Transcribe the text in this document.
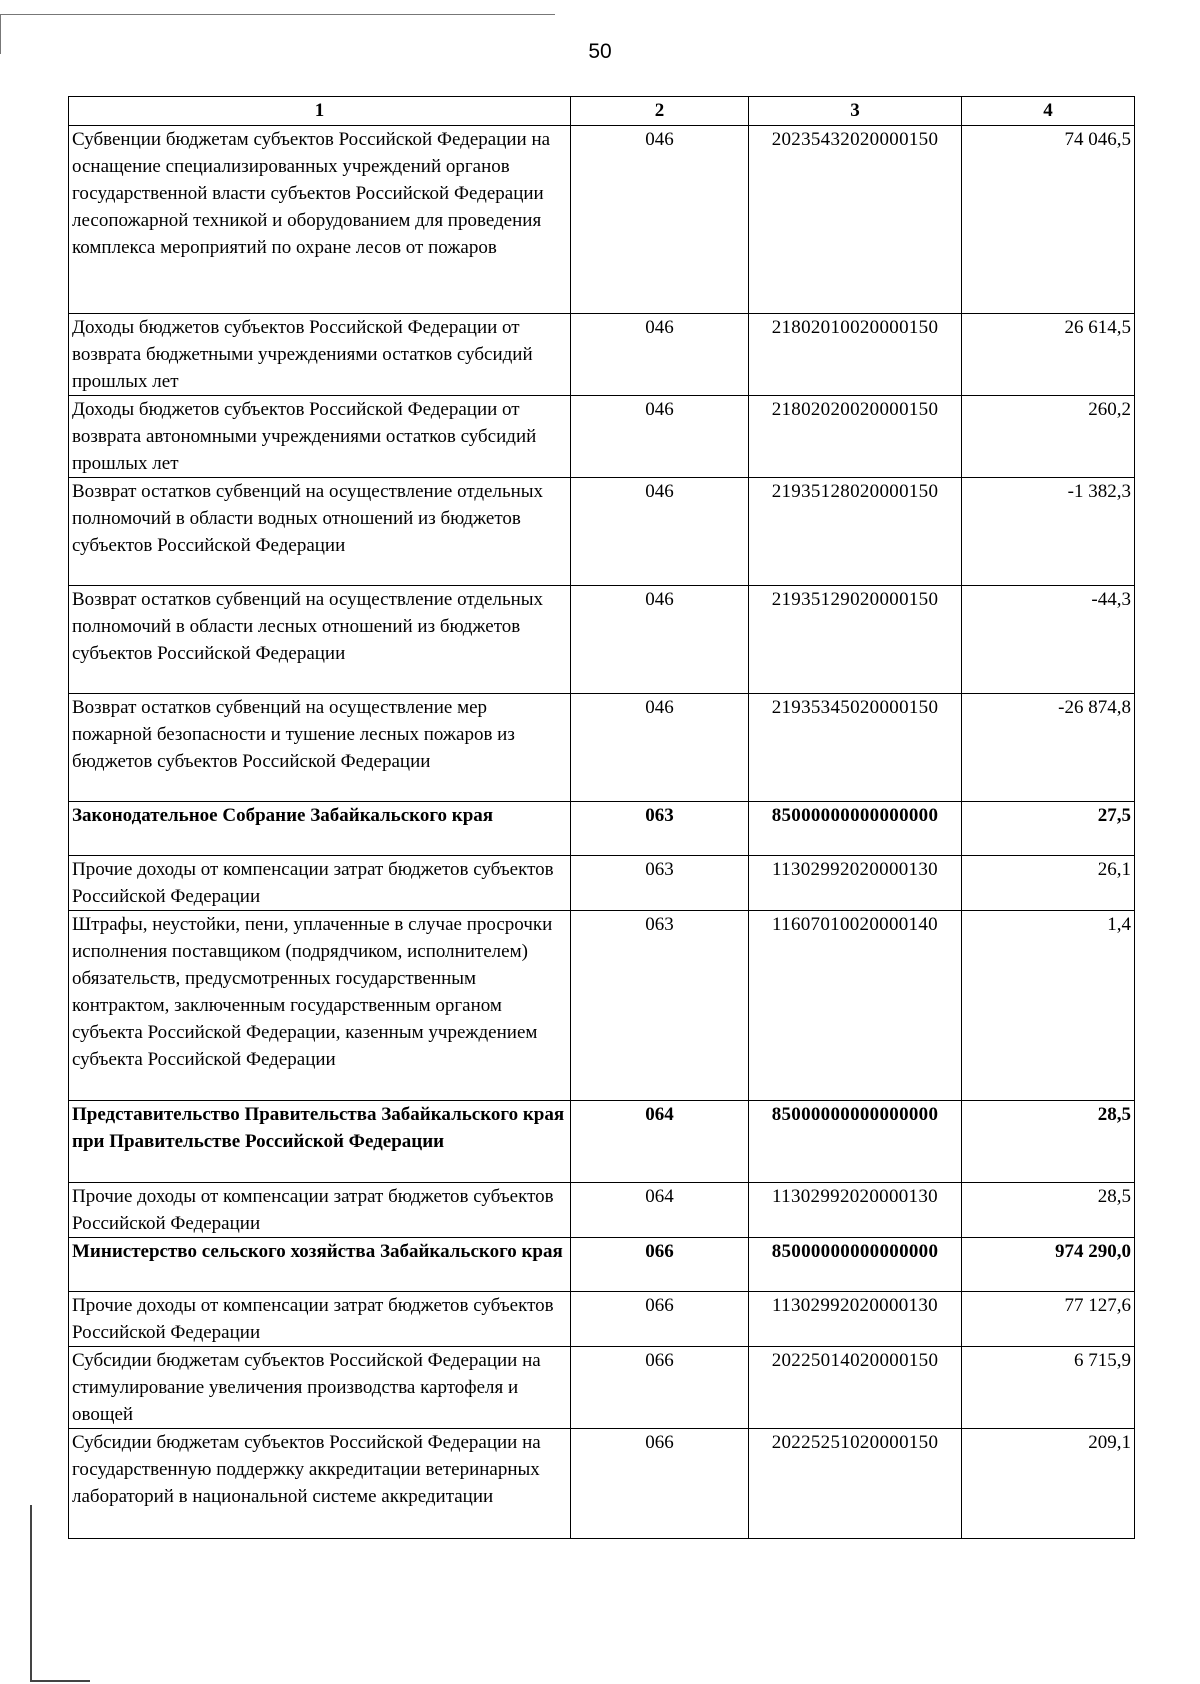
50
1	2	3	4
Субвенции бюджетам субъектов Российской Федерации на оснащение специализированных учреждений органов государственной власти субъектов Российской Федерации лесопожарной техникой и оборудованием для проведения комплекса мероприятий по охране лесов от пожаров	046	20235432020000150	74 046,5
Доходы бюджетов субъектов Российской Федерации от возврата бюджетными учреждениями остатков субсидий прошлых лет	046	21802010020000150	26 614,5
Доходы бюджетов субъектов Российской Федерации от возврата автономными учреждениями остатков субсидий прошлых лет	046	21802020020000150	260,2
Возврат остатков субвенций на осуществление отдельных полномочий в области водных отношений из бюджетов субъектов Российской Федерации	046	21935128020000150	-1 382,3
Возврат остатков субвенций на осуществление отдельных полномочий в области лесных отношений из бюджетов субъектов Российской Федерации	046	21935129020000150	-44,3
Возврат остатков субвенций на осуществление мер пожарной безопасности и тушение лесных пожаров из бюджетов субъектов Российской Федерации	046	21935345020000150	-26 874,8
Законодательное Собрание Забайкальского края	063	85000000000000000	27,5
Прочие доходы от компенсации затрат бюджетов субъектов Российской Федерации	063	11302992020000130	26,1
Штрафы, неустойки, пени, уплаченные в случае просрочки исполнения поставщиком (подрядчиком, исполнителем) обязательств, предусмотренных государственным контрактом, заключенным государственным органом субъекта Российской Федерации, казенным учреждением субъекта Российской Федерации	063	11607010020000140	1,4
Представительство Правительства Забайкальского края при Правительстве Российской Федерации	064	85000000000000000	28,5
Прочие доходы от компенсации затрат бюджетов субъектов Российской Федерации	064	11302992020000130	28,5
Министерство сельского хозяйства Забайкальского края	066	85000000000000000	974 290,0
Прочие доходы от компенсации затрат бюджетов субъектов Российской Федерации	066	11302992020000130	77 127,6
Субсидии бюджетам субъектов Российской Федерации на стимулирование увеличения производства картофеля и овощей	066	20225014020000150	6 715,9
Субсидии бюджетам субъектов Российской Федерации на государственную поддержку аккредитации ветеринарных лабораторий в национальной системе аккредитации	066	20225251020000150	209,1
